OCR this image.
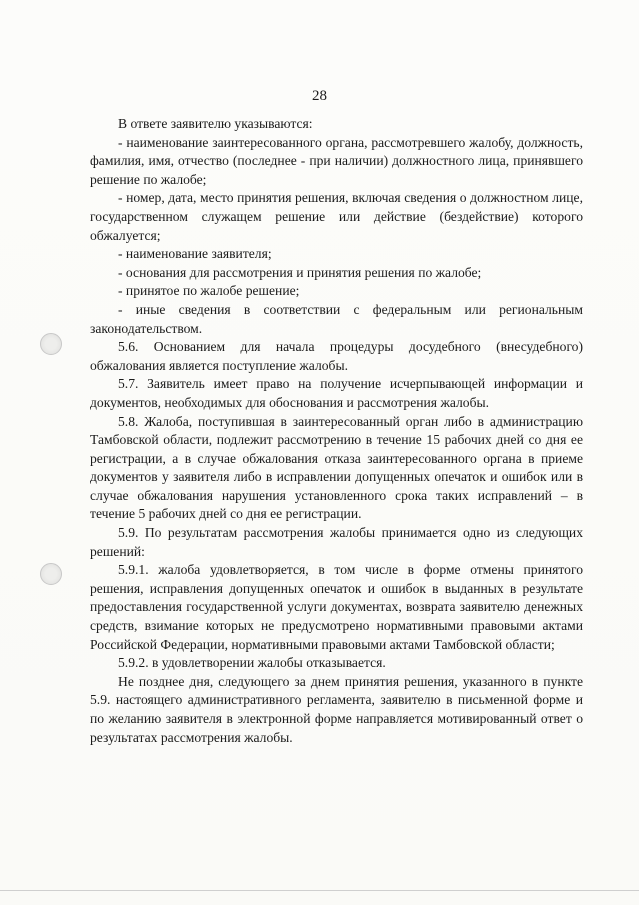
28

В ответе заявителю указываются:

- наименование заинтересованного органа, рассмотревшего жалобу, должность, фамилия, имя, отчество (последнее - при наличии) должностного лица, принявшего решение по жалобе;

- номер, дата, место принятия решения, включая сведения о должностном лице, государственном служащем решение или действие (бездействие) которого обжалуется;

- наименование заявителя;

- основания для рассмотрения и принятия решения по жалобе;

- принятое по жалобе решение;

- иные сведения в соответствии с федеральным или региональным законодательством.

5.6. Основанием для начала процедуры досудебного (внесудебного) обжалования является поступление жалобы.

5.7. Заявитель имеет право на получение исчерпывающей информации и документов, необходимых для обоснования и рассмотрения жалобы.

5.8. Жалоба, поступившая в заинтересованный орган либо в администрацию Тамбовской области, подлежит рассмотрению в течение 15 рабочих дней со дня ее регистрации, а в случае обжалования отказа заинтересованного органа в приеме документов у заявителя либо в исправлении допущенных опечаток и ошибок или в случае обжалования нарушения установленного срока таких исправлений – в течение 5 рабочих дней со дня ее регистрации.

5.9. По результатам рассмотрения жалобы принимается одно из следующих решений:

5.9.1. жалоба удовлетворяется, в том числе в форме отмены принятого решения, исправления допущенных опечаток и ошибок в выданных в результате предоставления государственной услуги документах, возврата заявителю денежных средств, взимание которых не предусмотрено нормативными правовыми актами Российской Федерации, нормативными правовыми актами Тамбовской области;

5.9.2. в удовлетворении жалобы отказывается.

Не позднее дня, следующего за днем принятия решения, указанного в пункте 5.9. настоящего административного регламента, заявителю в письменной форме и по желанию заявителя в электронной форме направляется мотивированный ответ о результатах рассмотрения жалобы.
